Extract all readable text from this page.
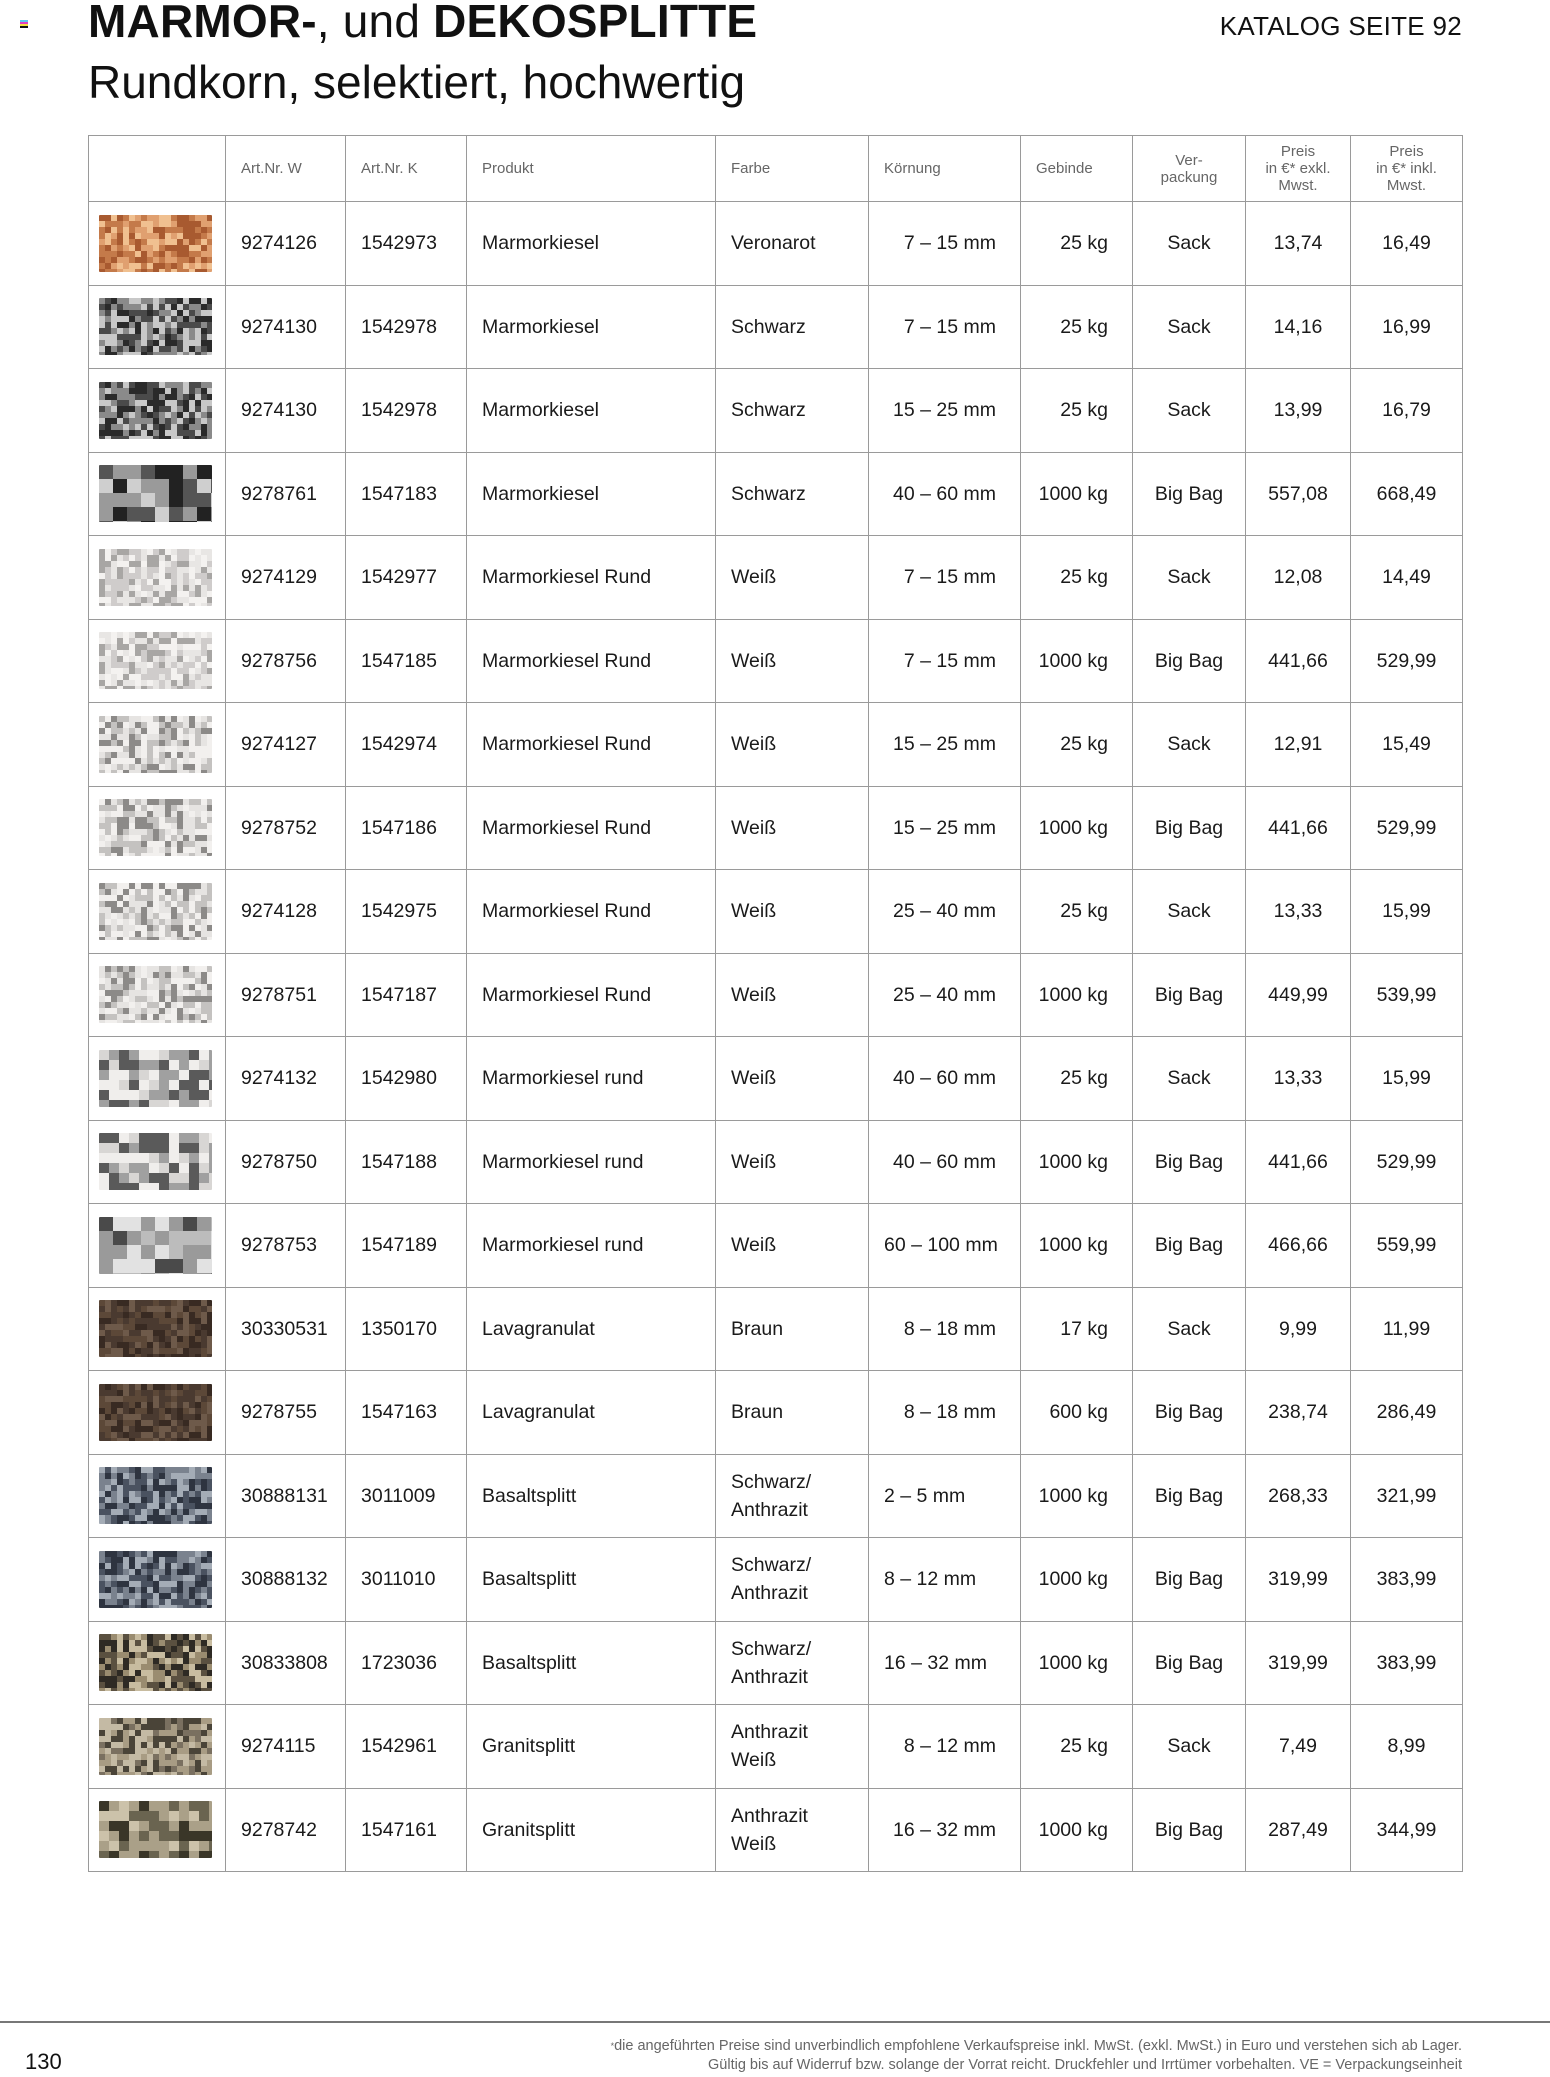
MARMOR-, und DEKOSPLITTE
Rundkorn, selektiert, hochwertig
KATALOG SEITE 92
	Art.Nr. W	Art.Nr. K	Produkt	Farbe	Körnung	Gebinde	Ver-
packung	Preis
in €* exkl.
Mwst.	Preis
in €* inkl.
Mwst.

	9274126	1542973	Marmorkiesel	Veronarot	7 – 15 mm	25 kg	Sack	13,74	16,49

	9274130	1542978	Marmorkiesel	Schwarz	7 – 15 mm	25 kg	Sack	14,16	16,99

	9274130	1542978	Marmorkiesel	Schwarz	15 – 25 mm	25 kg	Sack	13,99	16,79

	9278761	1547183	Marmorkiesel	Schwarz	40 – 60 mm	1000 kg	Big Bag	557,08	668,49

	9274129	1542977	Marmorkiesel Rund	Weiß	7 – 15 mm	25 kg	Sack	12,08	14,49

	9278756	1547185	Marmorkiesel Rund	Weiß	7 – 15 mm	1000 kg	Big Bag	441,66	529,99

	9274127	1542974	Marmorkiesel Rund	Weiß	15 – 25 mm	25 kg	Sack	12,91	15,49

	9278752	1547186	Marmorkiesel Rund	Weiß	15 – 25 mm	1000 kg	Big Bag	441,66	529,99

	9274128	1542975	Marmorkiesel Rund	Weiß	25 – 40 mm	25 kg	Sack	13,33	15,99

	9278751	1547187	Marmorkiesel Rund	Weiß	25 – 40 mm	1000 kg	Big Bag	449,99	539,99

	9274132	1542980	Marmorkiesel rund	Weiß	40 – 60 mm	25 kg	Sack	13,33	15,99

	9278750	1547188	Marmorkiesel rund	Weiß	40 – 60 mm	1000 kg	Big Bag	441,66	529,99

	9278753	1547189	Marmorkiesel rund	Weiß	60 – 100 mm	1000 kg	Big Bag	466,66	559,99

	30330531	1350170	Lavagranulat	Braun	8 – 18 mm	17 kg	Sack	9,99	11,99

	9278755	1547163	Lavagranulat	Braun	8 – 18 mm	600 kg	Big Bag	238,74	286,49

	30888131	3011009	Basaltsplitt	Schwarz/
Anthrazit	2 – 5 mm	1000 kg	Big Bag	268,33	321,99

	30888132	3011010	Basaltsplitt	Schwarz/
Anthrazit	8 – 12 mm	1000 kg	Big Bag	319,99	383,99

	30833808	1723036	Basaltsplitt	Schwarz/
Anthrazit	16 – 32 mm	1000 kg	Big Bag	319,99	383,99

	9274115	1542961	Granitsplitt	Anthrazit
Weiß	8 – 12 mm	25 kg	Sack	7,49	8,99

	9278742	1547161	Granitsplitt	Anthrazit
Weiß	16 – 32 mm	1000 kg	Big Bag	287,49	344,99
130
*die angeführten Preise sind unverbindlich empfohlene Verkaufspreise inkl. MwSt. (exkl. MwSt.) in Euro und verstehen sich ab Lager.
Gültig bis auf Widerruf bzw. solange der Vorrat reicht. Druckfehler und Irrtümer vorbehalten. VE = Verpackungseinheit
